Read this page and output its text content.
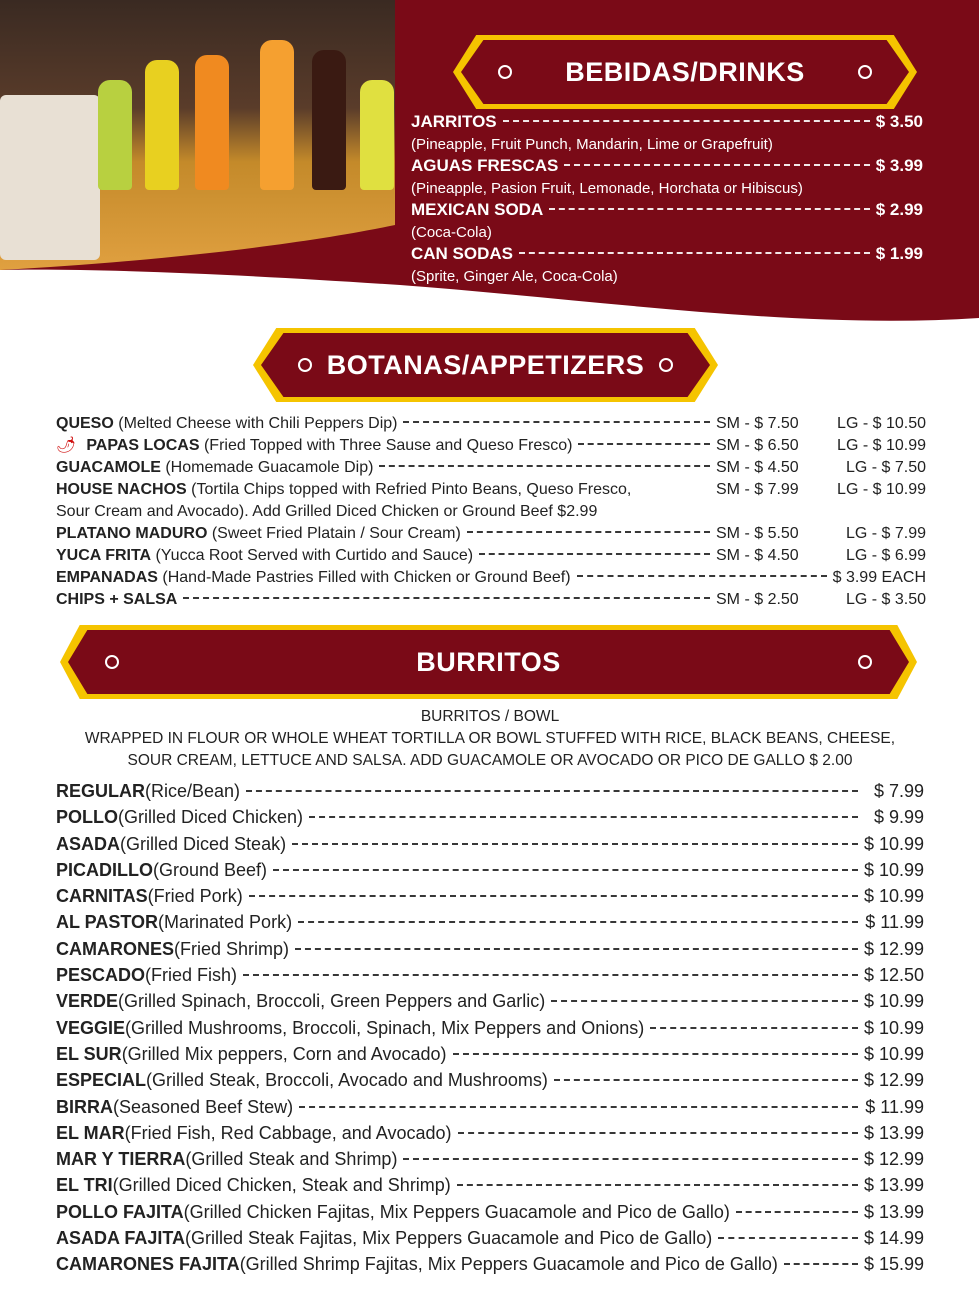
BEBIDAS/DRINKS
JARRITOS	$ 3.50
(Pineapple, Fruit Punch, Mandarin, Lime or Grapefruit)
AGUAS FRESCAS	$ 3.99
(Pineapple, Pasion Fruit, Lemonade, Horchata or Hibiscus)
MEXICAN SODA	$ 2.99
(Coca-Cola)
CAN SODAS	$ 1.99
(Sprite, Ginger Ale, Coca-Cola)
BOTANAS/APPETIZERS
QUESO (Melted Cheese with Chili Peppers Dip)	SM - $ 7.50	LG - $ 10.50
🌶 PAPAS LOCAS (Fried Topped with Three Sause and Queso Fresco)	SM - $ 6.50	LG - $ 10.99
GUACAMOLE (Homemade Guacamole Dip)	SM - $ 4.50	LG - $ 7.50
HOUSE NACHOS (Tortila Chips topped with Refried Pinto Beans, Queso Fresco,	SM - $ 7.99	LG - $ 10.99
Sour Cream and Avocado). Add Grilled Diced Chicken or Ground Beef $2.99
PLATANO MADURO (Sweet Fried Platain / Sour Cream)	SM - $ 5.50	LG - $ 7.99
YUCA FRITA (Yucca Root Served with Curtido and Sauce)	SM - $ 4.50	LG - $ 6.99
EMPANADAS (Hand-Made Pastries Filled with Chicken or Ground Beef)	$ 3.99 EACH
CHIPS + SALSA	SM - $ 2.50	LG - $ 3.50
BURRITOS
BURRITOS / BOWL
WRAPPED IN FLOUR OR WHOLE WHEAT TORTILLA OR BOWL STUFFED WITH RICE, BLACK BEANS, CHEESE, SOUR CREAM, LETTUCE AND SALSA. ADD GUACAMOLE OR AVOCADO OR PICO DE GALLO $ 2.00
REGULAR (Rice/Bean)	$ 7.99
POLLO (Grilled Diced Chicken)	$ 9.99
ASADA (Grilled Diced Steak)	$ 10.99
PICADILLO (Ground Beef)	$ 10.99
CARNITAS (Fried Pork)	$ 10.99
AL PASTOR (Marinated Pork)	$ 11.99
CAMARONES (Fried Shrimp)	$ 12.99
PESCADO (Fried Fish)	$ 12.50
VERDE (Grilled Spinach, Broccoli, Green Peppers and Garlic)	$ 10.99
VEGGIE (Grilled Mushrooms, Broccoli, Spinach, Mix Peppers and Onions)	$ 10.99
EL SUR (Grilled Mix peppers, Corn and Avocado)	$ 10.99
ESPECIAL (Grilled Steak, Broccoli, Avocado and Mushrooms)	$ 12.99
BIRRA (Seasoned Beef Stew)	$ 11.99
EL MAR (Fried Fish, Red Cabbage, and Avocado)	$ 13.99
MAR Y TIERRA (Grilled Steak and Shrimp)	$ 12.99
EL TRI (Grilled Diced Chicken, Steak and Shrimp)	$ 13.99
POLLO FAJITA (Grilled Chicken Fajitas, Mix Peppers Guacamole and Pico de Gallo)	$ 13.99
ASADA FAJITA (Grilled Steak Fajitas, Mix Peppers Guacamole and Pico de Gallo)	$ 14.99
CAMARONES FAJITA (Grilled Shrimp Fajitas, Mix Peppers Guacamole and Pico de Gallo)	$ 15.99
